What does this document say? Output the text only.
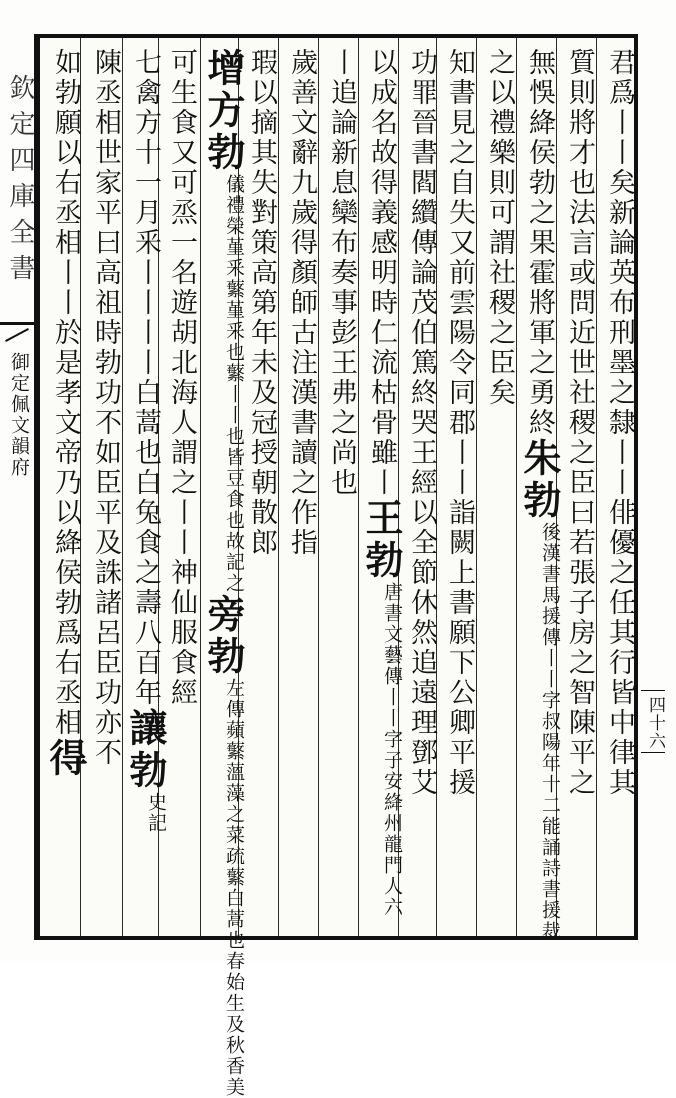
欽定四庫全書
御定佩文韻府	君爲丨丨矣新論英布刑墨之隸丨丨俳優之任其行皆中律其
質則將才也法言或問近世社稷之臣曰若張子房之智陳平之
無悞絳侯勃之果霍將軍之勇終朱勃後漢書馬援傳丨丨字叔陽年十二能誦詩書援裁
之以禮樂則可謂社稷之臣矣
知書見之自失又前雲陽令同郡丨丨詣闕上書願下公卿平援
功罪晉書閻纘傳論茂伯篤終哭王經以全節休然追遠理鄧艾
以成名故得義感明時仁流枯骨雖丨王勃唐書文藝傳丨丨字子安絳州龍門人六
丨追論新息欒布奏事彭王弗之尚也
歲善文辭九歲得顏師古注漢書讀之作指
瑕以摘其失對策高第年未及冠授朝散郎
增方勃儀禮榮堇釆蘩堇釆也蘩丨丨也皆豆食也故記之旁勃左傳蘋蘩薀藻之菜疏蘩白蒿也春始生及秋香美
可生食又可烝一名遊胡北海人謂之丨丨神仙服食經
七禽方十一月釆丨丨丨丨白蒿也白兔食之壽八百年讓勃史記
陳丞相世家平曰高祖時勃功不如臣平及誅諸呂臣功亦不
如勃願以右丞相丨丨於是孝文帝乃以絳侯勃爲右丞相得
四十六
